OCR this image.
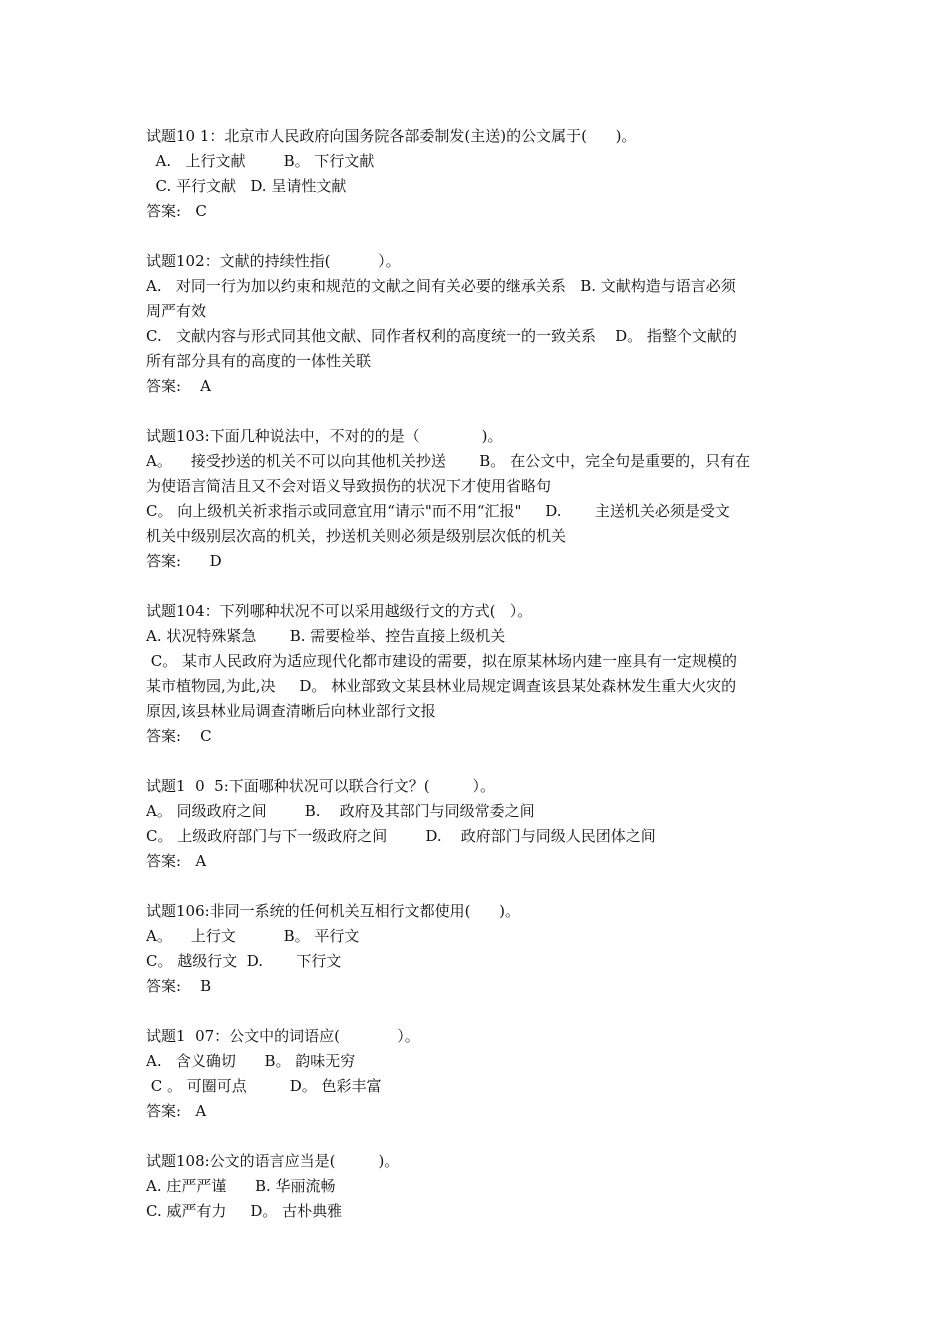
试题10 1：北京市人民政府向国务院各部委制发(主送)的公文属于(      )。
A.   上行文献        B。 下行文献
C. 平行文献   D. 呈请性文献
答案:   C
试题102：文献的持续性指(          ）。
A.   对同一行为加以约束和规范的文献之间有关必要的继承关系   B. 文献构造与语言必须
周严有效
C.   文献内容与形式同其他文献、同作者权利的高度统一的一致关系    D。 指整个文献的
所有部分具有的高度的一体性关联
答案:    A
试题103:下面几种说法中，不对的的是（             )。
A。    接受抄送的机关不可以向其他机关抄送       B。 在公文中，完全句是重要的，只有在
为使语言简洁且又不会对语义导致损伤的状况下才使用省略句
C。 向上级机关祈求指示或同意宜用“请示"而不用“汇报"     D.       主送机关必须是受文
机关中级别层次高的机关，抄送机关则必须是级别层次低的机关
答案:      D
试题104：下列哪种状况不可以采用越级行文的方式(   ）。
A. 状况特殊紧急       B. 需要检举、控告直接上级机关
C。 某市人民政府为适应现代化都市建设的需要，拟在原某林场内建一座具有一定规模的
某市植物园,为此,决     D。 林业部致文某县林业局规定调查该县某处森林发生重大火灾的
原因,该县林业局调查清晰后向林业部行文报
答案:    C
试题1  0  5:下面哪种状况可以联合行文？(         ）。
A。 同级政府之间        B.    政府及其部门与同级常委之间
C。 上级政府部门与下一级政府之间        D.    政府部门与同级人民团体之间
答案:   A
试题106:非同一系统的任何机关互相行文都使用(      )。
A。    上行文          B。 平行文
C。 越级行文  D.       下行文
答案:    B
试题1  07：公文中的词语应(            ）。
A.   含义确切      B。 韵味无穷
C 。 可圈可点         D。 色彩丰富
答案:   A
试题108:公文的语言应当是(         )。
A. 庄严严谨      B. 华丽流畅
C. 威严有力     D。 古朴典雅
